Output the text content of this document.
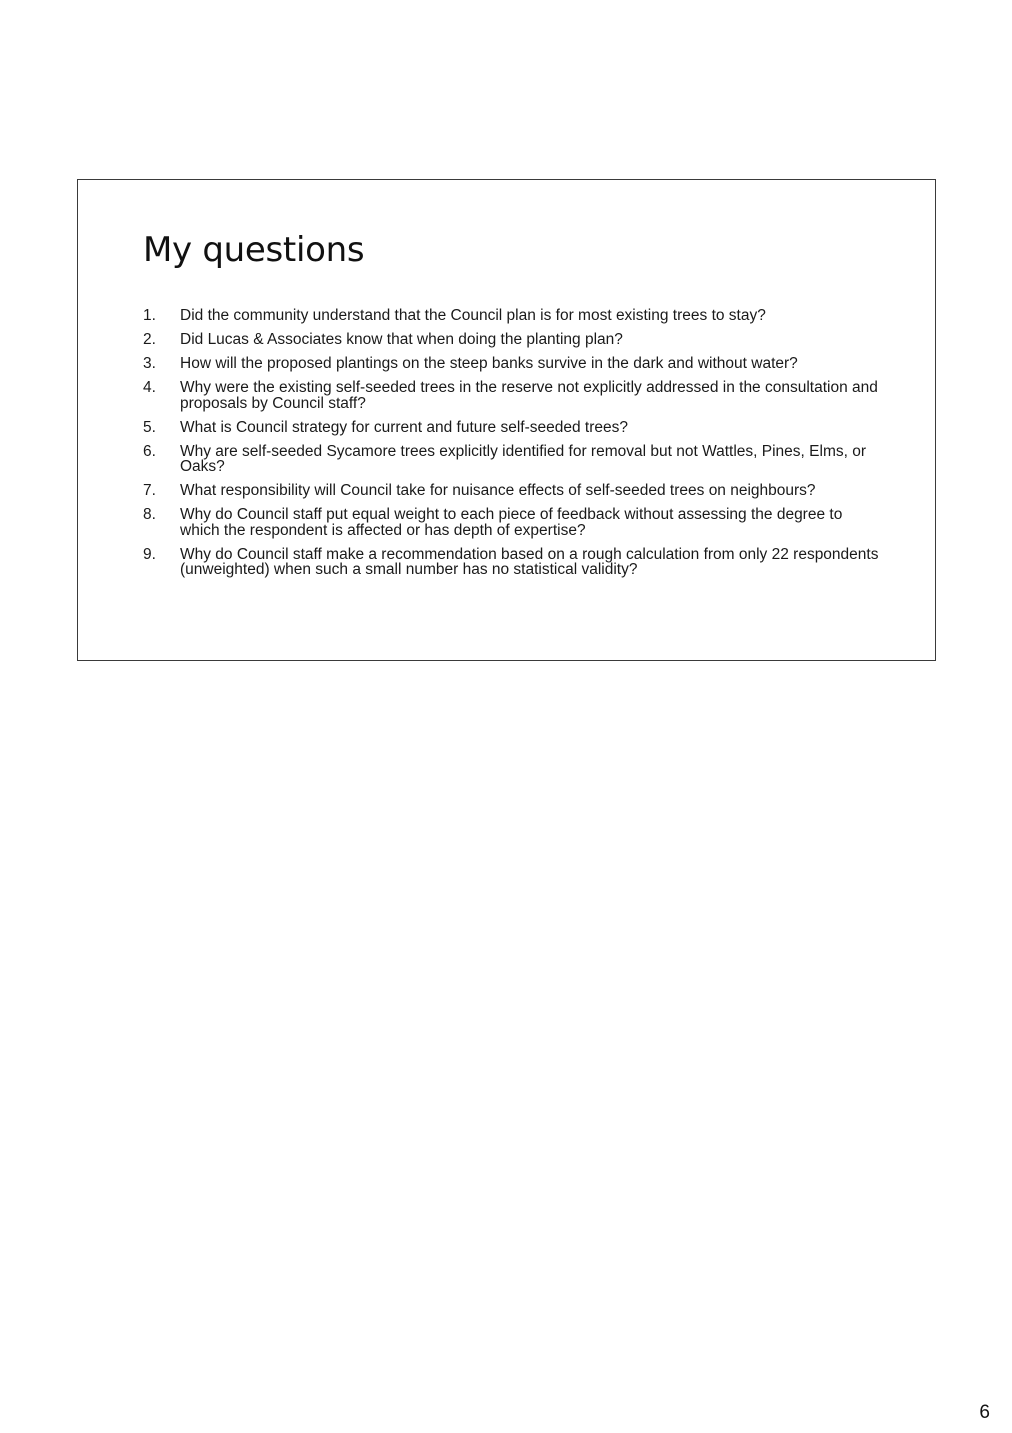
My questions
1.	Did the community understand that the Council plan is for most existing trees to stay?
2.	Did Lucas & Associates know that when doing the planting plan?
3.	How will the proposed plantings on the steep banks survive in the dark and without water?
4.	Why were the existing self-seeded trees in the reserve not explicitly addressed in the consultation and proposals by Council staff?
5.	What is Council strategy for current and future self-seeded trees?
6.	Why are self-seeded Sycamore trees explicitly identified for removal but not Wattles, Pines, Elms, or Oaks?
7.	What responsibility will Council take for nuisance effects of self-seeded trees on neighbours?
8.	Why do Council staff put equal weight to each piece of feedback without assessing the degree to which the respondent is affected or has depth of expertise?
9.	Why do Council staff make a recommendation based on a rough calculation from only 22 respondents (unweighted) when such a small number has no statistical validity?
6
